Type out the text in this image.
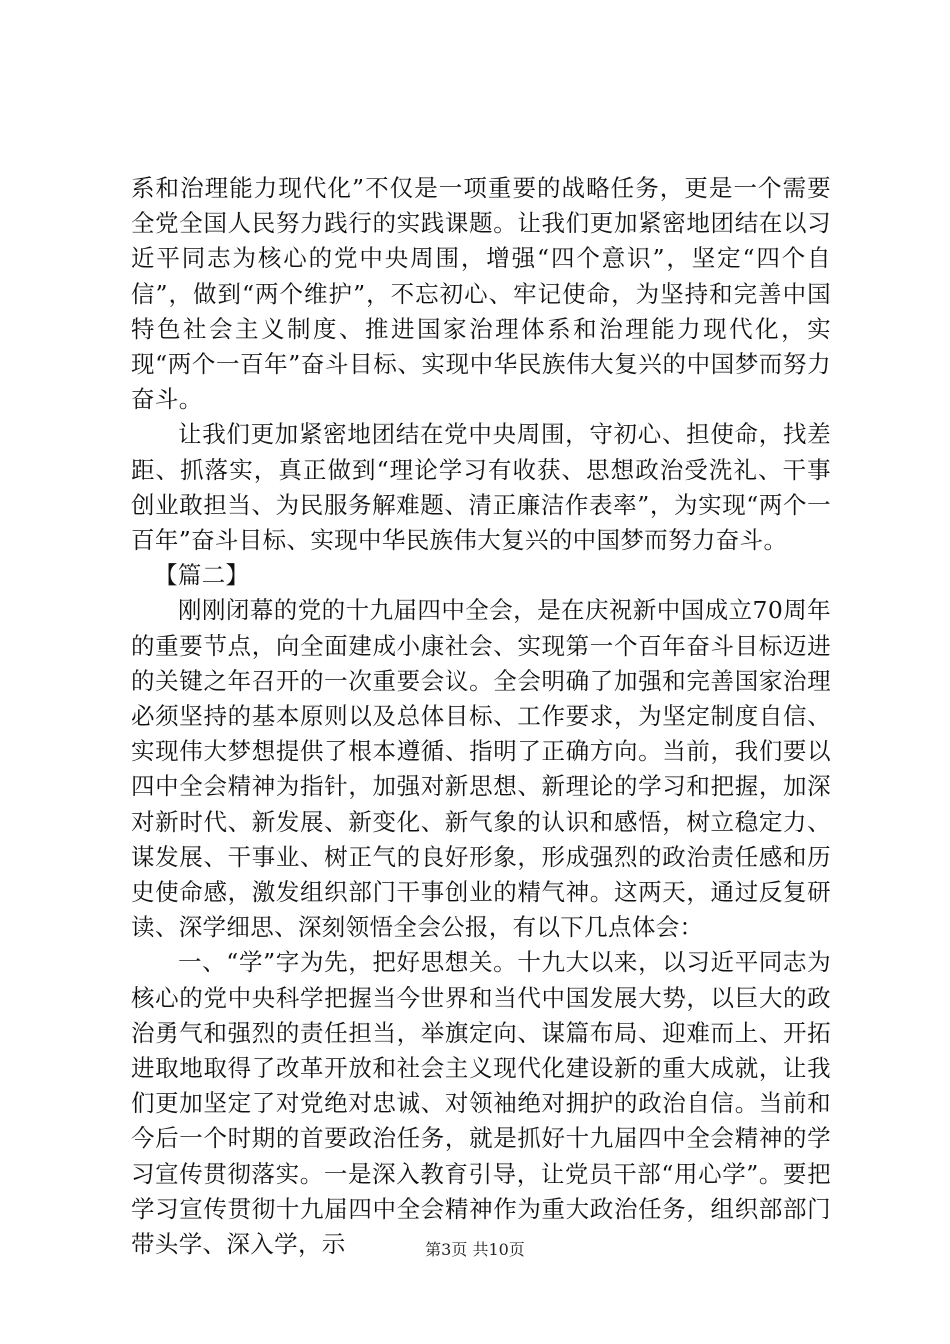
系和治理能力现代化”不仅是一项重要的战略任务，更是一个需要全党全国人民努力践行的实践课题。让我们更加紧密地团结在以习近平同志为核心的党中央周围，增强“四个意识”，坚定“四个自信”，做到“两个维护”，不忘初心、牢记使命，为坚持和完善中国特色社会主义制度、推进国家治理体系和治理能力现代化，实现“两个一百年”奋斗目标、实现中华民族伟大复兴的中国梦而努力奋斗。

让我们更加紧密地团结在党中央周围，守初心、担使命，找差距、抓落实，真正做到“理论学习有收获、思想政治受洗礼、干事创业敢担当、为民服务解难题、清正廉洁作表率”，为实现“两个一百年”奋斗目标、实现中华民族伟大复兴的中国梦而努力奋斗。

【篇二】

刚刚闭幕的党的十九届四中全会，是在庆祝新中国成立70周年的重要节点，向全面建成小康社会、实现第一个百年奋斗目标迈进的关键之年召开的一次重要会议。全会明确了加强和完善国家治理必须坚持的基本原则以及总体目标、工作要求，为坚定制度自信、实现伟大梦想提供了根本遵循、指明了正确方向。当前，我们要以四中全会精神为指针，加强对新思想、新理论的学习和把握，加深对新时代、新发展、新变化、新气象的认识和感悟，树立稳定力、谋发展、干事业、树正气的良好形象，形成强烈的政治责任感和历史使命感，激发组织部门干事创业的精气神。这两天，通过反复研读、深学细思、深刻领悟全会公报，有以下几点体会：

一、“学”字为先，把好思想关。十九大以来，以习近平同志为核心的党中央科学把握当今世界和当代中国发展大势，以巨大的政治勇气和强烈的责任担当，举旗定向、谋篇布局、迎难而上、开拓进取地取得了改革开放和社会主义现代化建设新的重大成就，让我们更加坚定了对党绝对忠诚、对领袖绝对拥护的政治自信。当前和今后一个时期的首要政治任务，就是抓好十九届四中全会精神的学习宣传贯彻落实。一是深入教育引导，让党员干部“用心学”。要把学习宣传贯彻十九届四中全会精神作为重大政治任务，组织部部门带头学、深入学，示	第3页 共10页
